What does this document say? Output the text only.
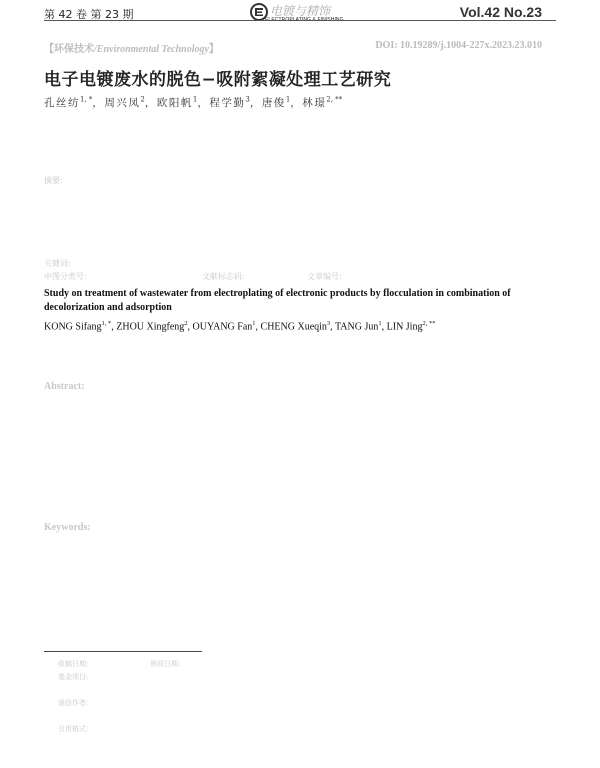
第 42 卷 第 23 期	电镀与精饰
ELECTROPLATING & FINISHING	Vol.42 No.23
【环保技术/Environmental Technology】	DOI: 10.19289/j.1004-227x.2023.23.010
电子电镀废水的脱色−吸附絮凝处理工艺研究
孔丝纺$^{1, *}$，周兴凤$^2$，欧阳帆$^1$，程学勤$^3$，唐俊$^1$，林璟$^{2, **}$
摘要:
关键词:
中图分类号:	文献标志码:	文章编号:
Study on treatment of wastewater from electroplating of electronic products by flocculation in combination of decolorization and adsorption
KONG Sifang$^{1, *}$, ZHOU Xingfeng$^2$, OUYANG Fan$^1$, CHENG Xueqin$^3$, TANG Jun$^1$, LIN Jing$^{2, **}$
Abstract:
Keywords:
收稿日期:	修回日期:
基金项目:
通信作者:
引用格式:
